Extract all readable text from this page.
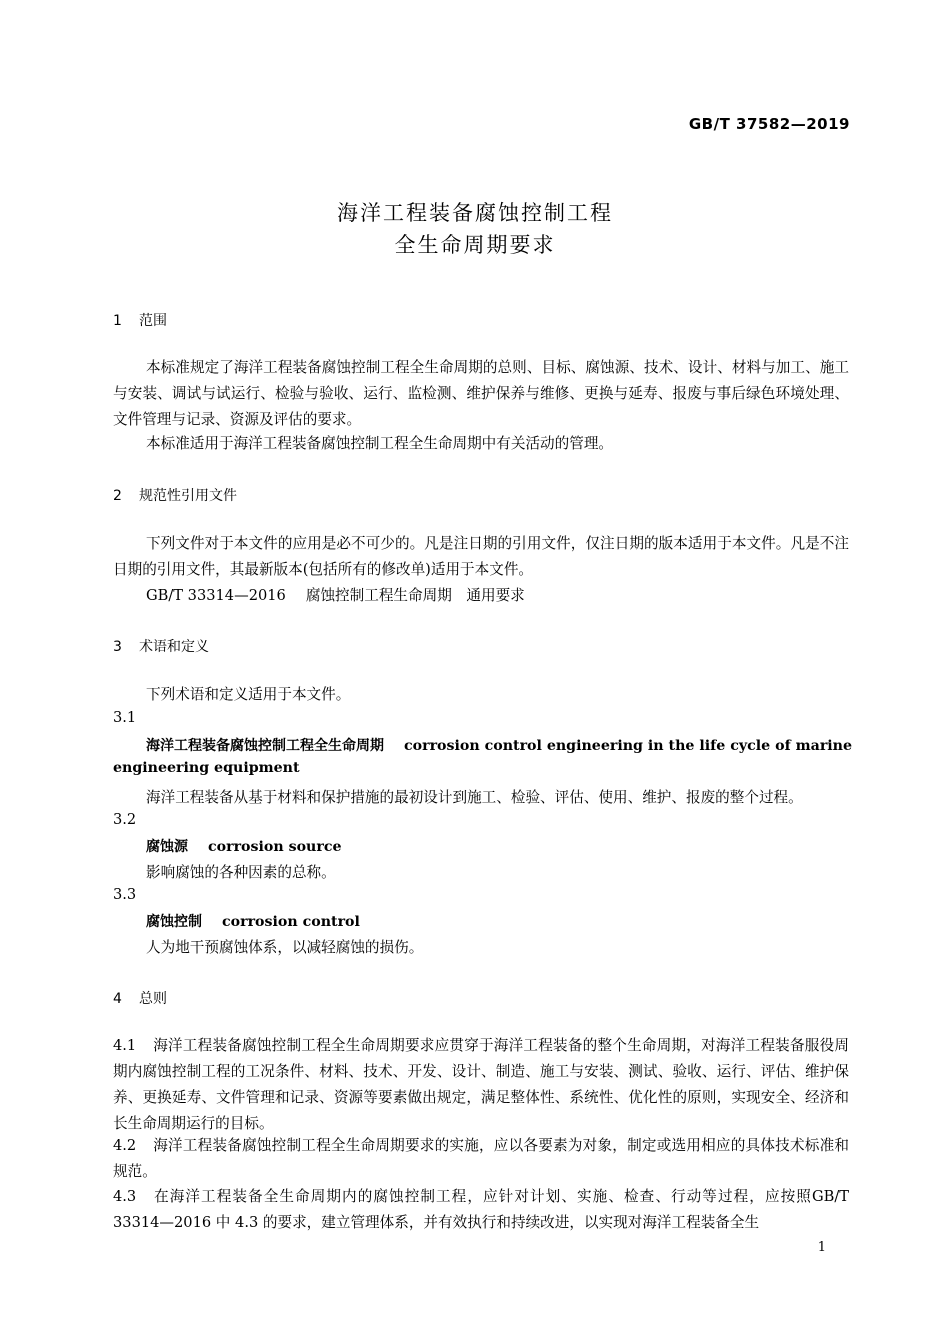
GB/T 37582—2019
海洋工程装备腐蚀控制工程
全生命周期要求
1 范围
本标准规定了海洋工程装备腐蚀控制工程全生命周期的总则、目标、腐蚀源、技术、设计、材料与加工、施工与安装、调试与试运行、检验与验收、运行、监检测、维护保养与维修、更换与延寿、报废与事后绿色环境处理、文件管理与记录、资源及评估的要求。
本标准适用于海洋工程装备腐蚀控制工程全生命周期中有关活动的管理。
2 规范性引用文件
下列文件对于本文件的应用是必不可少的。凡是注日期的引用文件，仅注日期的版本适用于本文件。凡是不注日期的引用文件，其最新版本(包括所有的修改单)适用于本文件。
GB/T 33314—2016 腐蚀控制工程生命周期　通用要求
3 术语和定义
下列术语和定义适用于本文件。
3.1
海洋工程装备腐蚀控制工程全生命周期 corrosion control engineering in the life cycle of marine
engineering equipment
海洋工程装备从基于材料和保护措施的最初设计到施工、检验、评估、使用、维护、报废的整个过程。
3.2
腐蚀源 corrosion source
影响腐蚀的各种因素的总称。
3.3
腐蚀控制 corrosion control
人为地干预腐蚀体系，以减轻腐蚀的损伤。
4 总则
4.1 海洋工程装备腐蚀控制工程全生命周期要求应贯穿于海洋工程装备的整个生命周期，对海洋工程装备服役周期内腐蚀控制工程的工况条件、材料、技术、开发、设计、制造、施工与安装、测试、验收、运行、评估、维护保养、更换延寿、文件管理和记录、资源等要素做出规定，满足整体性、系统性、优化性的原则，实现安全、经济和长生命周期运行的目标。
4.2 海洋工程装备腐蚀控制工程全生命周期要求的实施，应以各要素为对象，制定或选用相应的具体技术标准和规范。
4.3 在海洋工程装备全生命周期内的腐蚀控制工程，应针对计划、实施、检查、行动等过程，应按照GB/T 33314—2016 中 4.3 的要求，建立管理体系，并有效执行和持续改进，以实现对海洋工程装备全生
1
